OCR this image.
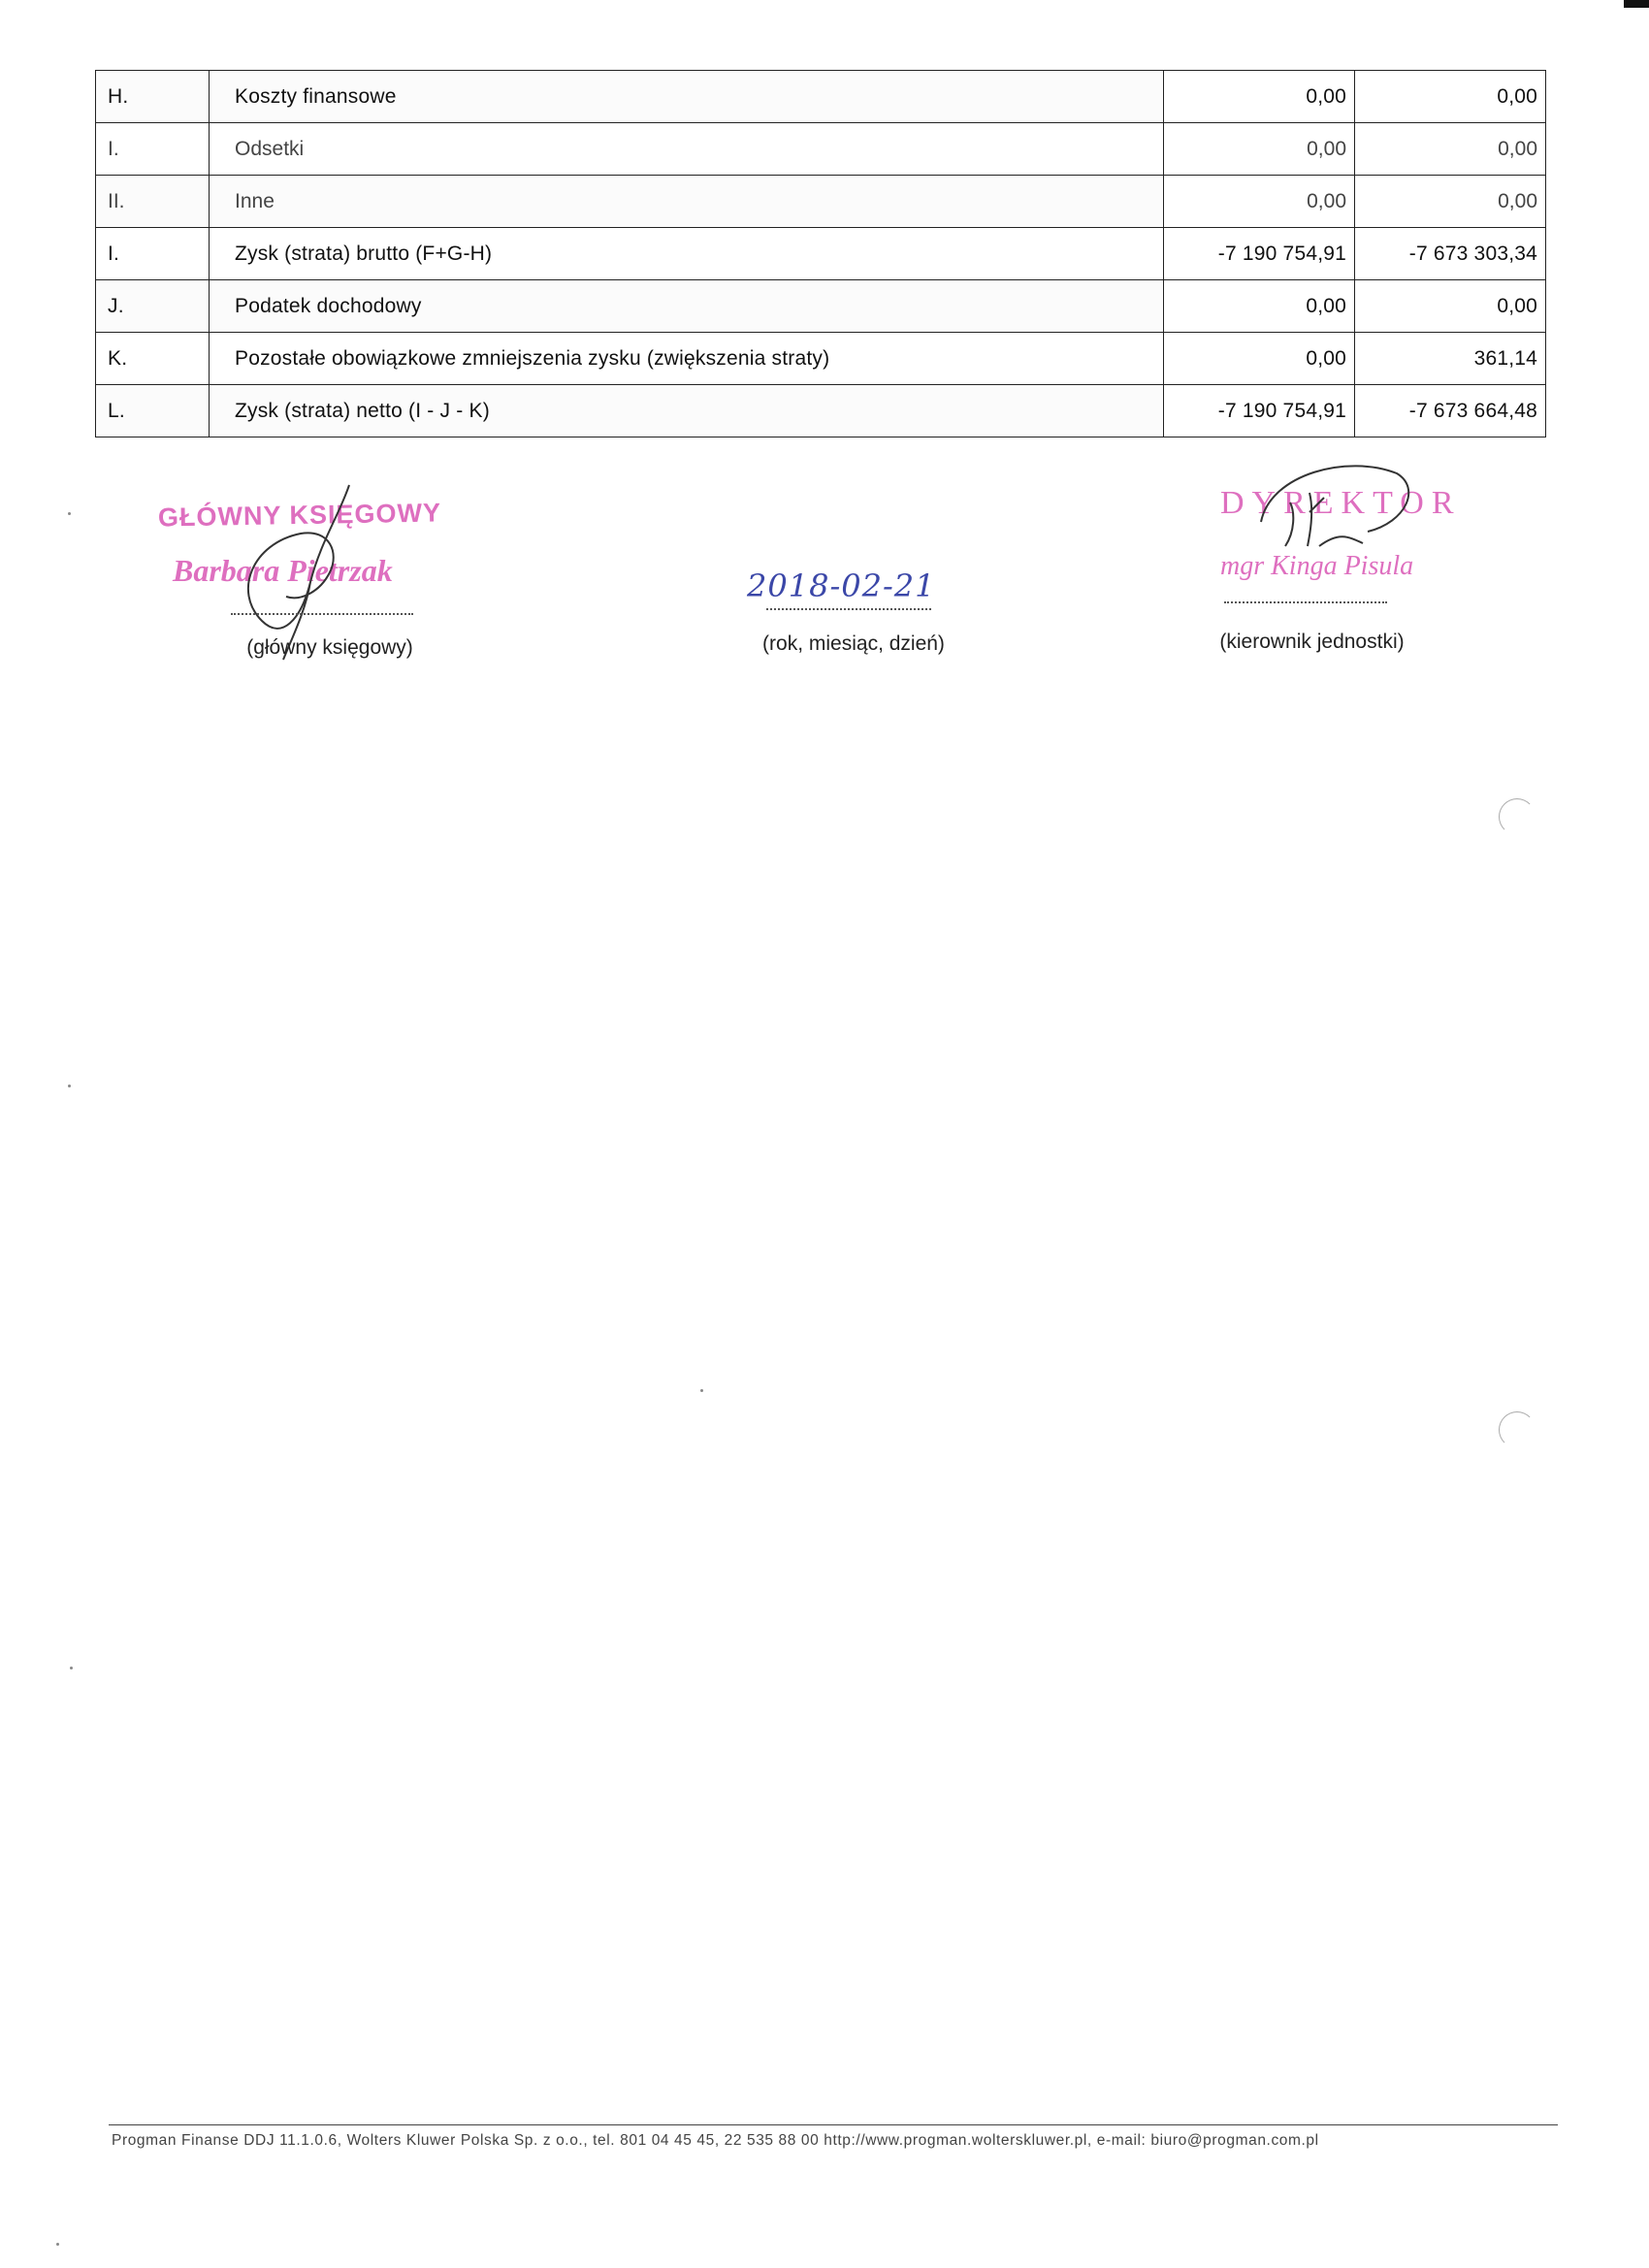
H.	Koszty finansowe	0,00	0,00
I.	Odsetki	0,00	0,00
II.	Inne	0,00	0,00
I.	Zysk (strata) brutto (F+G-H)	-7 190 754,91	-7 673 303,34
J.	Podatek dochodowy	0,00	0,00
K.	Pozostałe obowiązkowe zmniejszenia zysku (zwiększenia straty)	0,00	361,14
L.	Zysk (strata) netto (I - J - K)	-7 190 754,91	-7 673 664,48
GŁÓWNY KSIĘGOWY
Barbara Pietrzak
(główny księgowy)
2018-02-21
(rok, miesiąc, dzień)
DYREKTOR
mgr Kinga Pisula
(kierownik jednostki)
Progman Finanse DDJ 11.1.0.6, Wolters Kluwer Polska Sp. z o.o., tel. 801 04 45 45, 22 535 88 00 http://www.progman.wolterskluwer.pl, e-mail: biuro@progman.com.pl
